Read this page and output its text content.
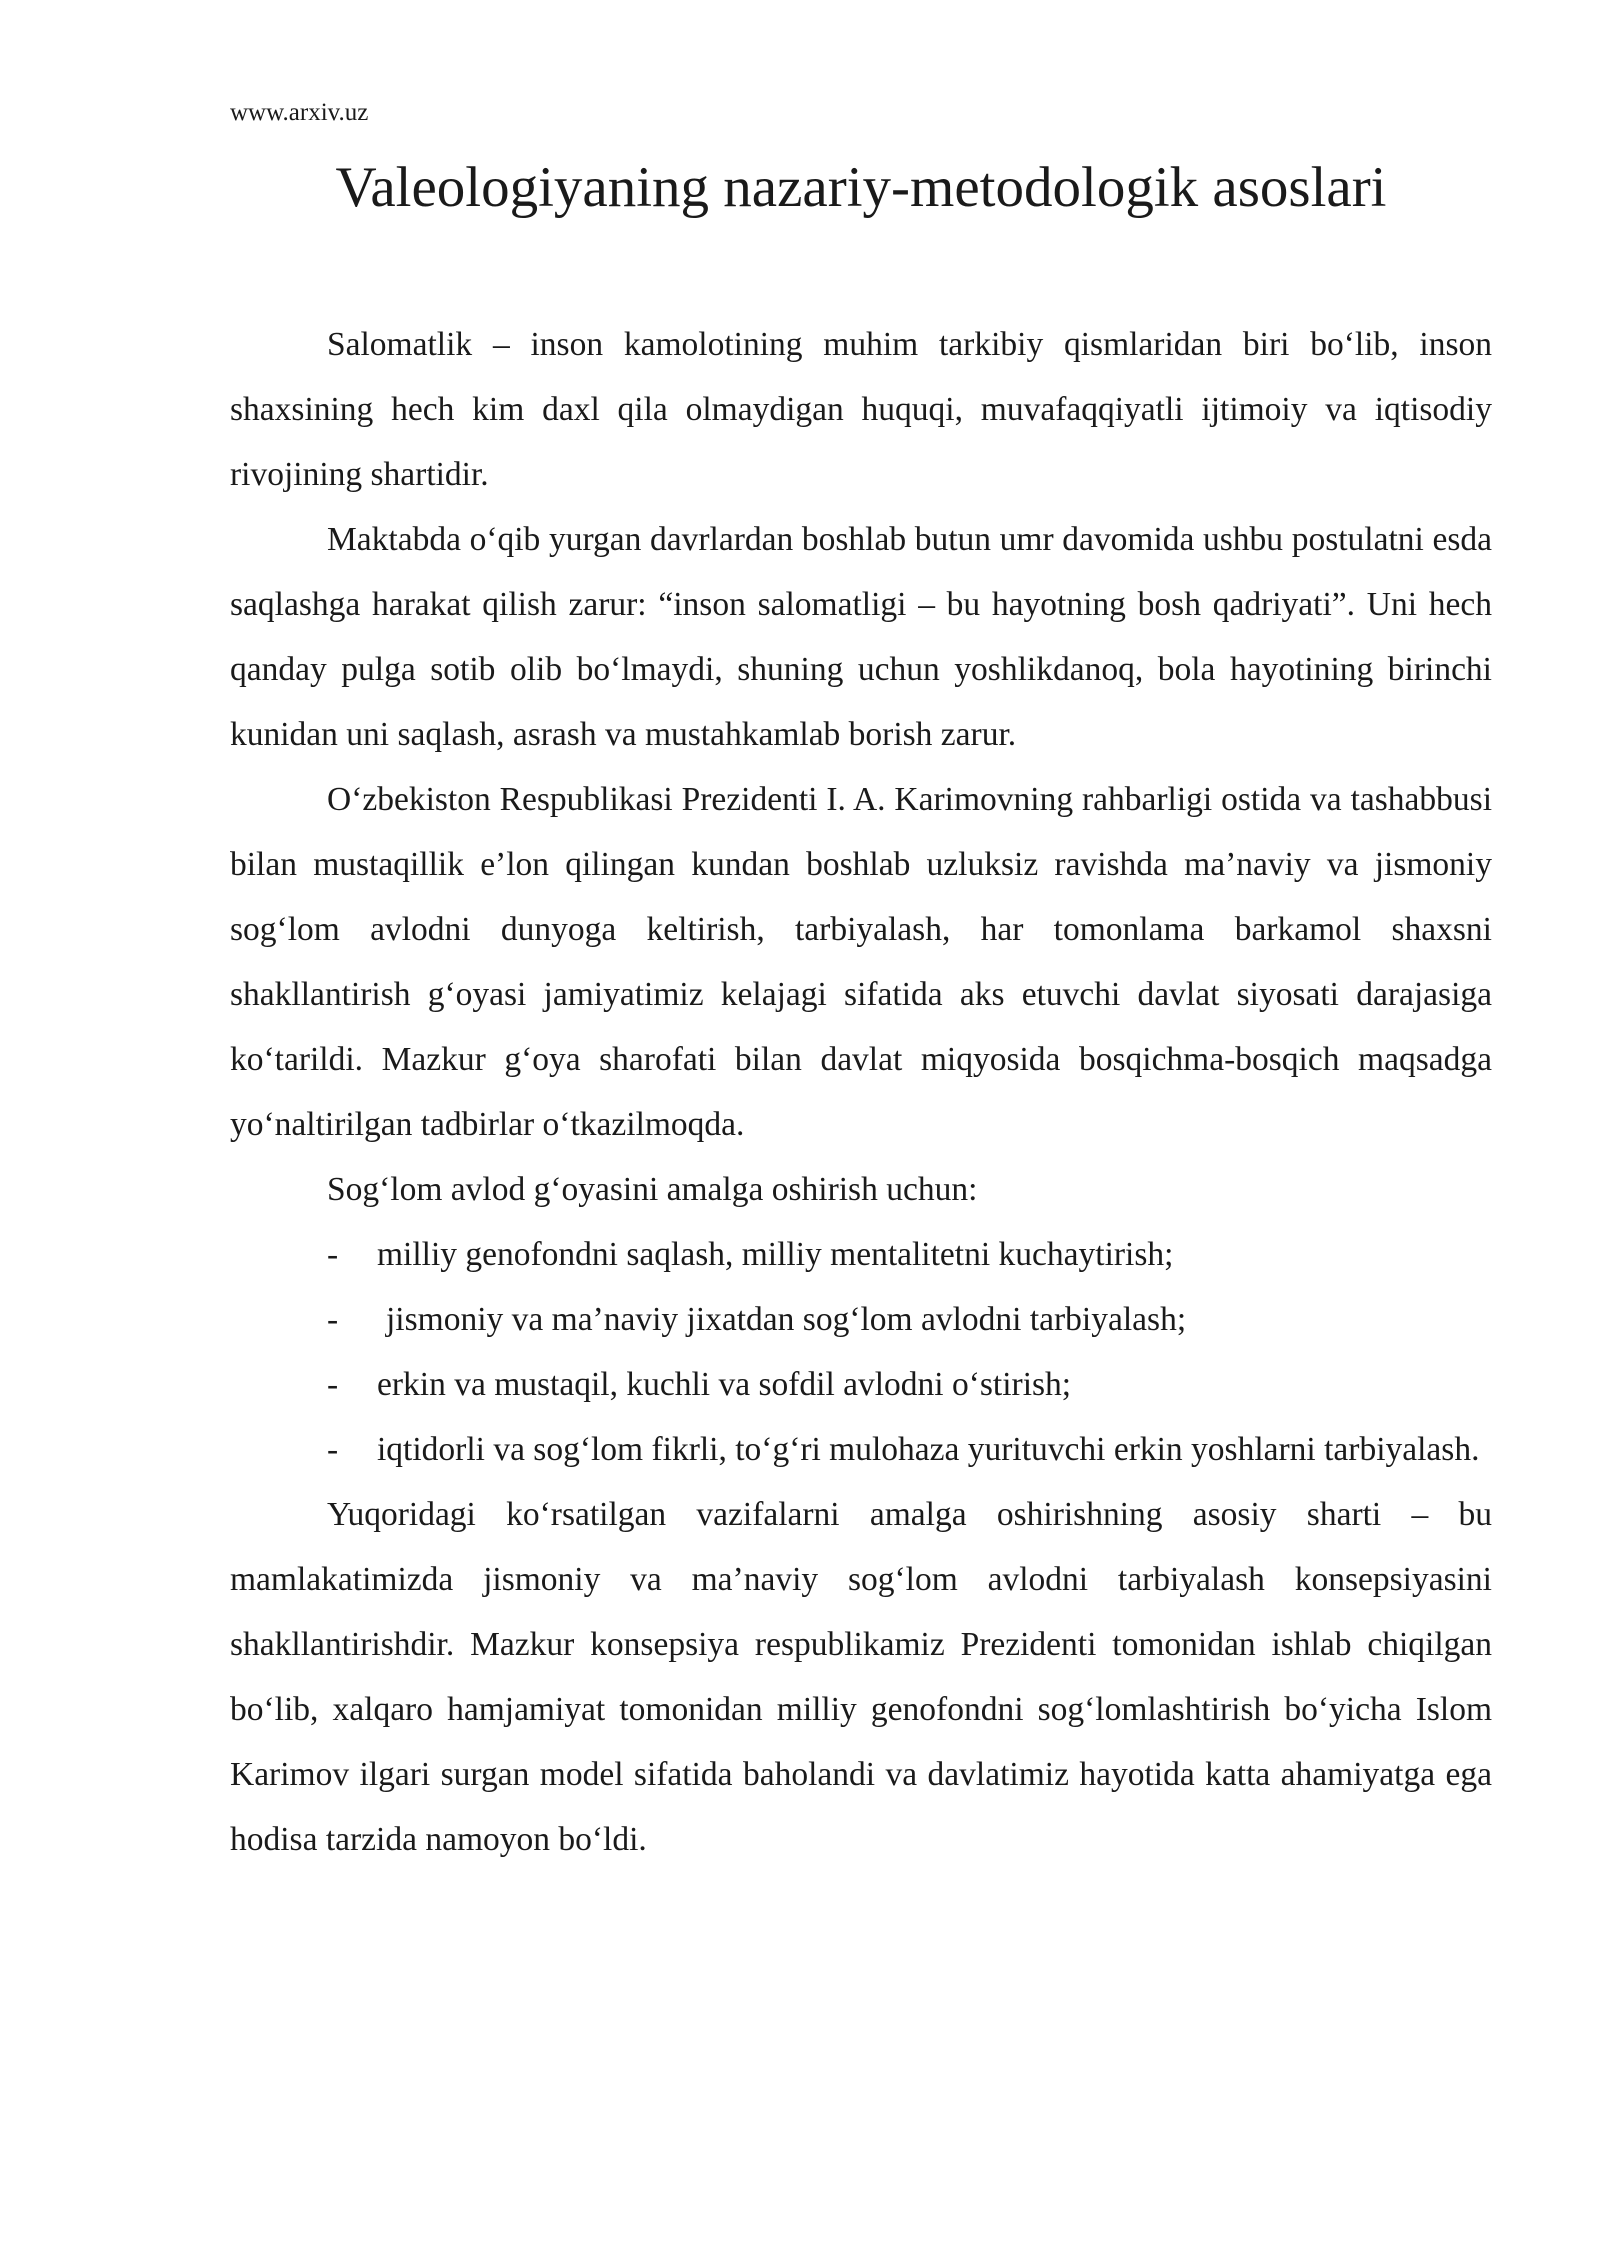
www.arxiv.uz

Valeologiyaning nazariy-metodologik asoslari

Salomatlik – inson kamolotining muhim tarkibiy qismlaridan biri bo‘lib, inson shaxsining hech kim daxl qila olmaydigan huquqi, muvafaqqiyatli ijtimoiy va iqtisodiy rivojining shartidir.

Maktabda o‘qib yurgan davrlardan boshlab butun umr davomida ushbu postulatni esda saqlashga harakat qilish zarur: “inson salomatligi – bu hayotning bosh qadriyati”. Uni hech qanday pulga sotib olib bo‘lmaydi, shuning uchun yoshlikdanoq, bola hayotining birinchi kunidan uni saqlash, asrash va mustahkamlab borish zarur.

O‘zbekiston Respublikasi Prezidenti I. A. Karimovning rahbarligi ostida va tashabbusi bilan mustaqillik e’lon qilingan kundan boshlab uzluksiz ravishda ma’naviy va jismoniy sog‘lom avlodni dunyoga keltirish, tarbiyalash, har tomonlama barkamol shaxsni shakllantirish g‘oyasi jamiyatimiz kelajagi sifatida aks etuvchi davlat siyosati darajasiga ko‘tarildi. Mazkur g‘oya sharofati bilan davlat miqyosida bosqichma-bosqich maqsadga yo‘naltirilgan tadbirlar o‘tkazilmoqda.

Sog‘lom avlod g‘oyasini amalga oshirish uchun:

-	milliy genofondni saqlash, milliy mentalitetni kuchaytirish;
-	jismoniy va ma’naviy jixatdan sog‘lom avlodni tarbiyalash;
-	erkin va mustaqil, kuchli va sofdil avlodni o‘stirish;
- iqtidorli va sog‘lom fikrli, to‘g‘ri mulohaza yurituvchi erkin yoshlarni tarbiyalash.

Yuqoridagi ko‘rsatilgan vazifalarni amalga oshirishning asosiy sharti – bu mamlakatimizda jismoniy va ma’naviy sog‘lom avlodni tarbiyalash konsepsiyasini shakllantirishdir. Mazkur konsepsiya respublikamiz Prezidenti tomonidan ishlab chiqilgan bo‘lib, xalqaro hamjamiyat tomonidan milliy genofondni sog‘lomlashtirish bo‘yicha Islom Karimov ilgari surgan model sifatida baholandi va davlatimiz hayotida katta ahamiyatga ega hodisa tarzida namoyon bo‘ldi.
